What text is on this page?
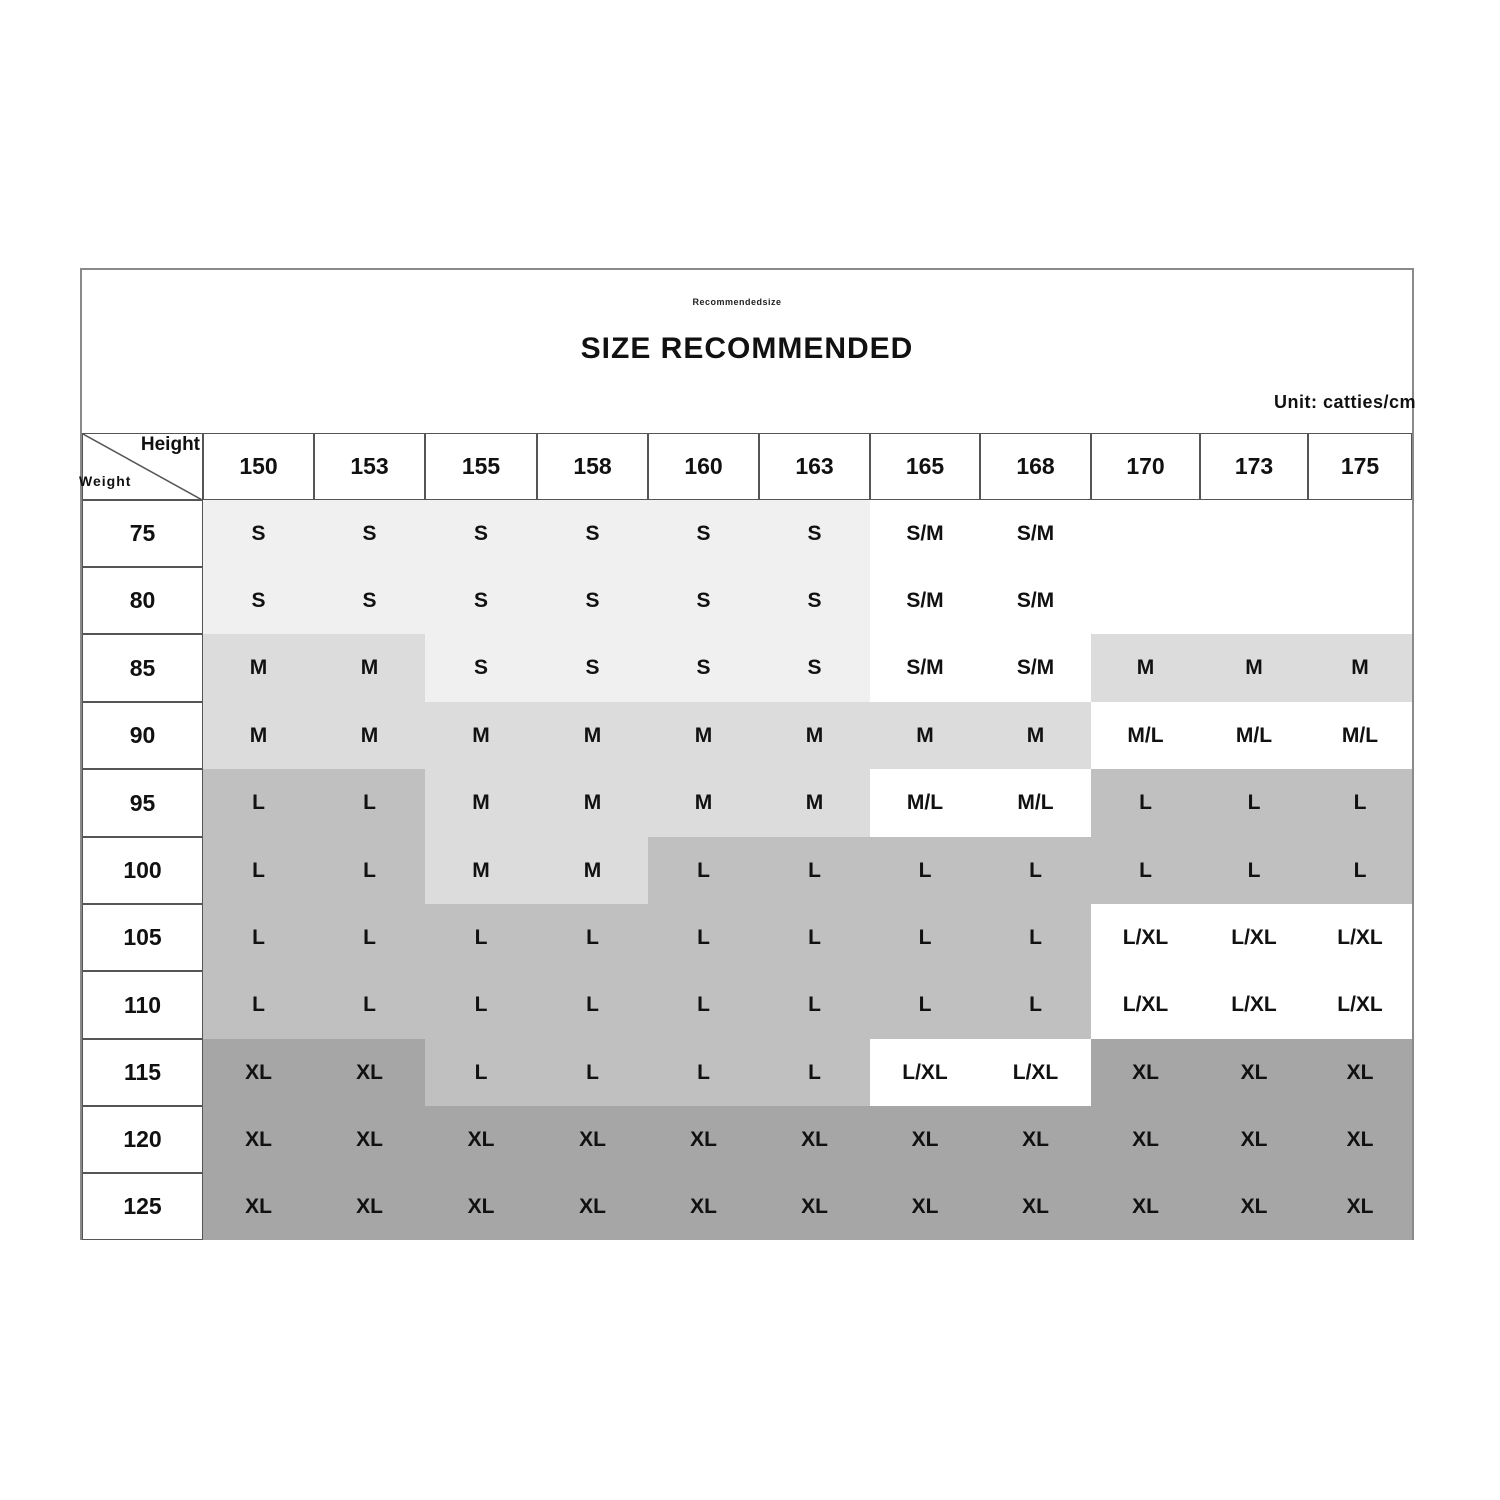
Recommendedsize
SIZE RECOMMENDED
Unit: catties/cm
Height
Weight
150	153	155	158	160	163	165	168	170	173	175
75	S	S	S	S	S	S	S/M	S/M
80	S	S	S	S	S	S	S/M	S/M
85	M	M	S	S	S	S	S/M	S/M	M	M	M
90	M	M	M	M	M	M	M	M	M/L	M/L	M/L
95	L	L	M	M	M	M	M/L	M/L	L	L	L
100	L	L	M	M	L	L	L	L	L	L	L
105	L	L	L	L	L	L	L	L	L/XL	L/XL	L/XL
110	L	L	L	L	L	L	L	L	L/XL	L/XL	L/XL
115	XL	XL	L	L	L	L	L/XL	L/XL	XL	XL	XL
120	XL	XL	XL	XL	XL	XL	XL	XL	XL	XL	XL
125	XL	XL	XL	XL	XL	XL	XL	XL	XL	XL	XL
